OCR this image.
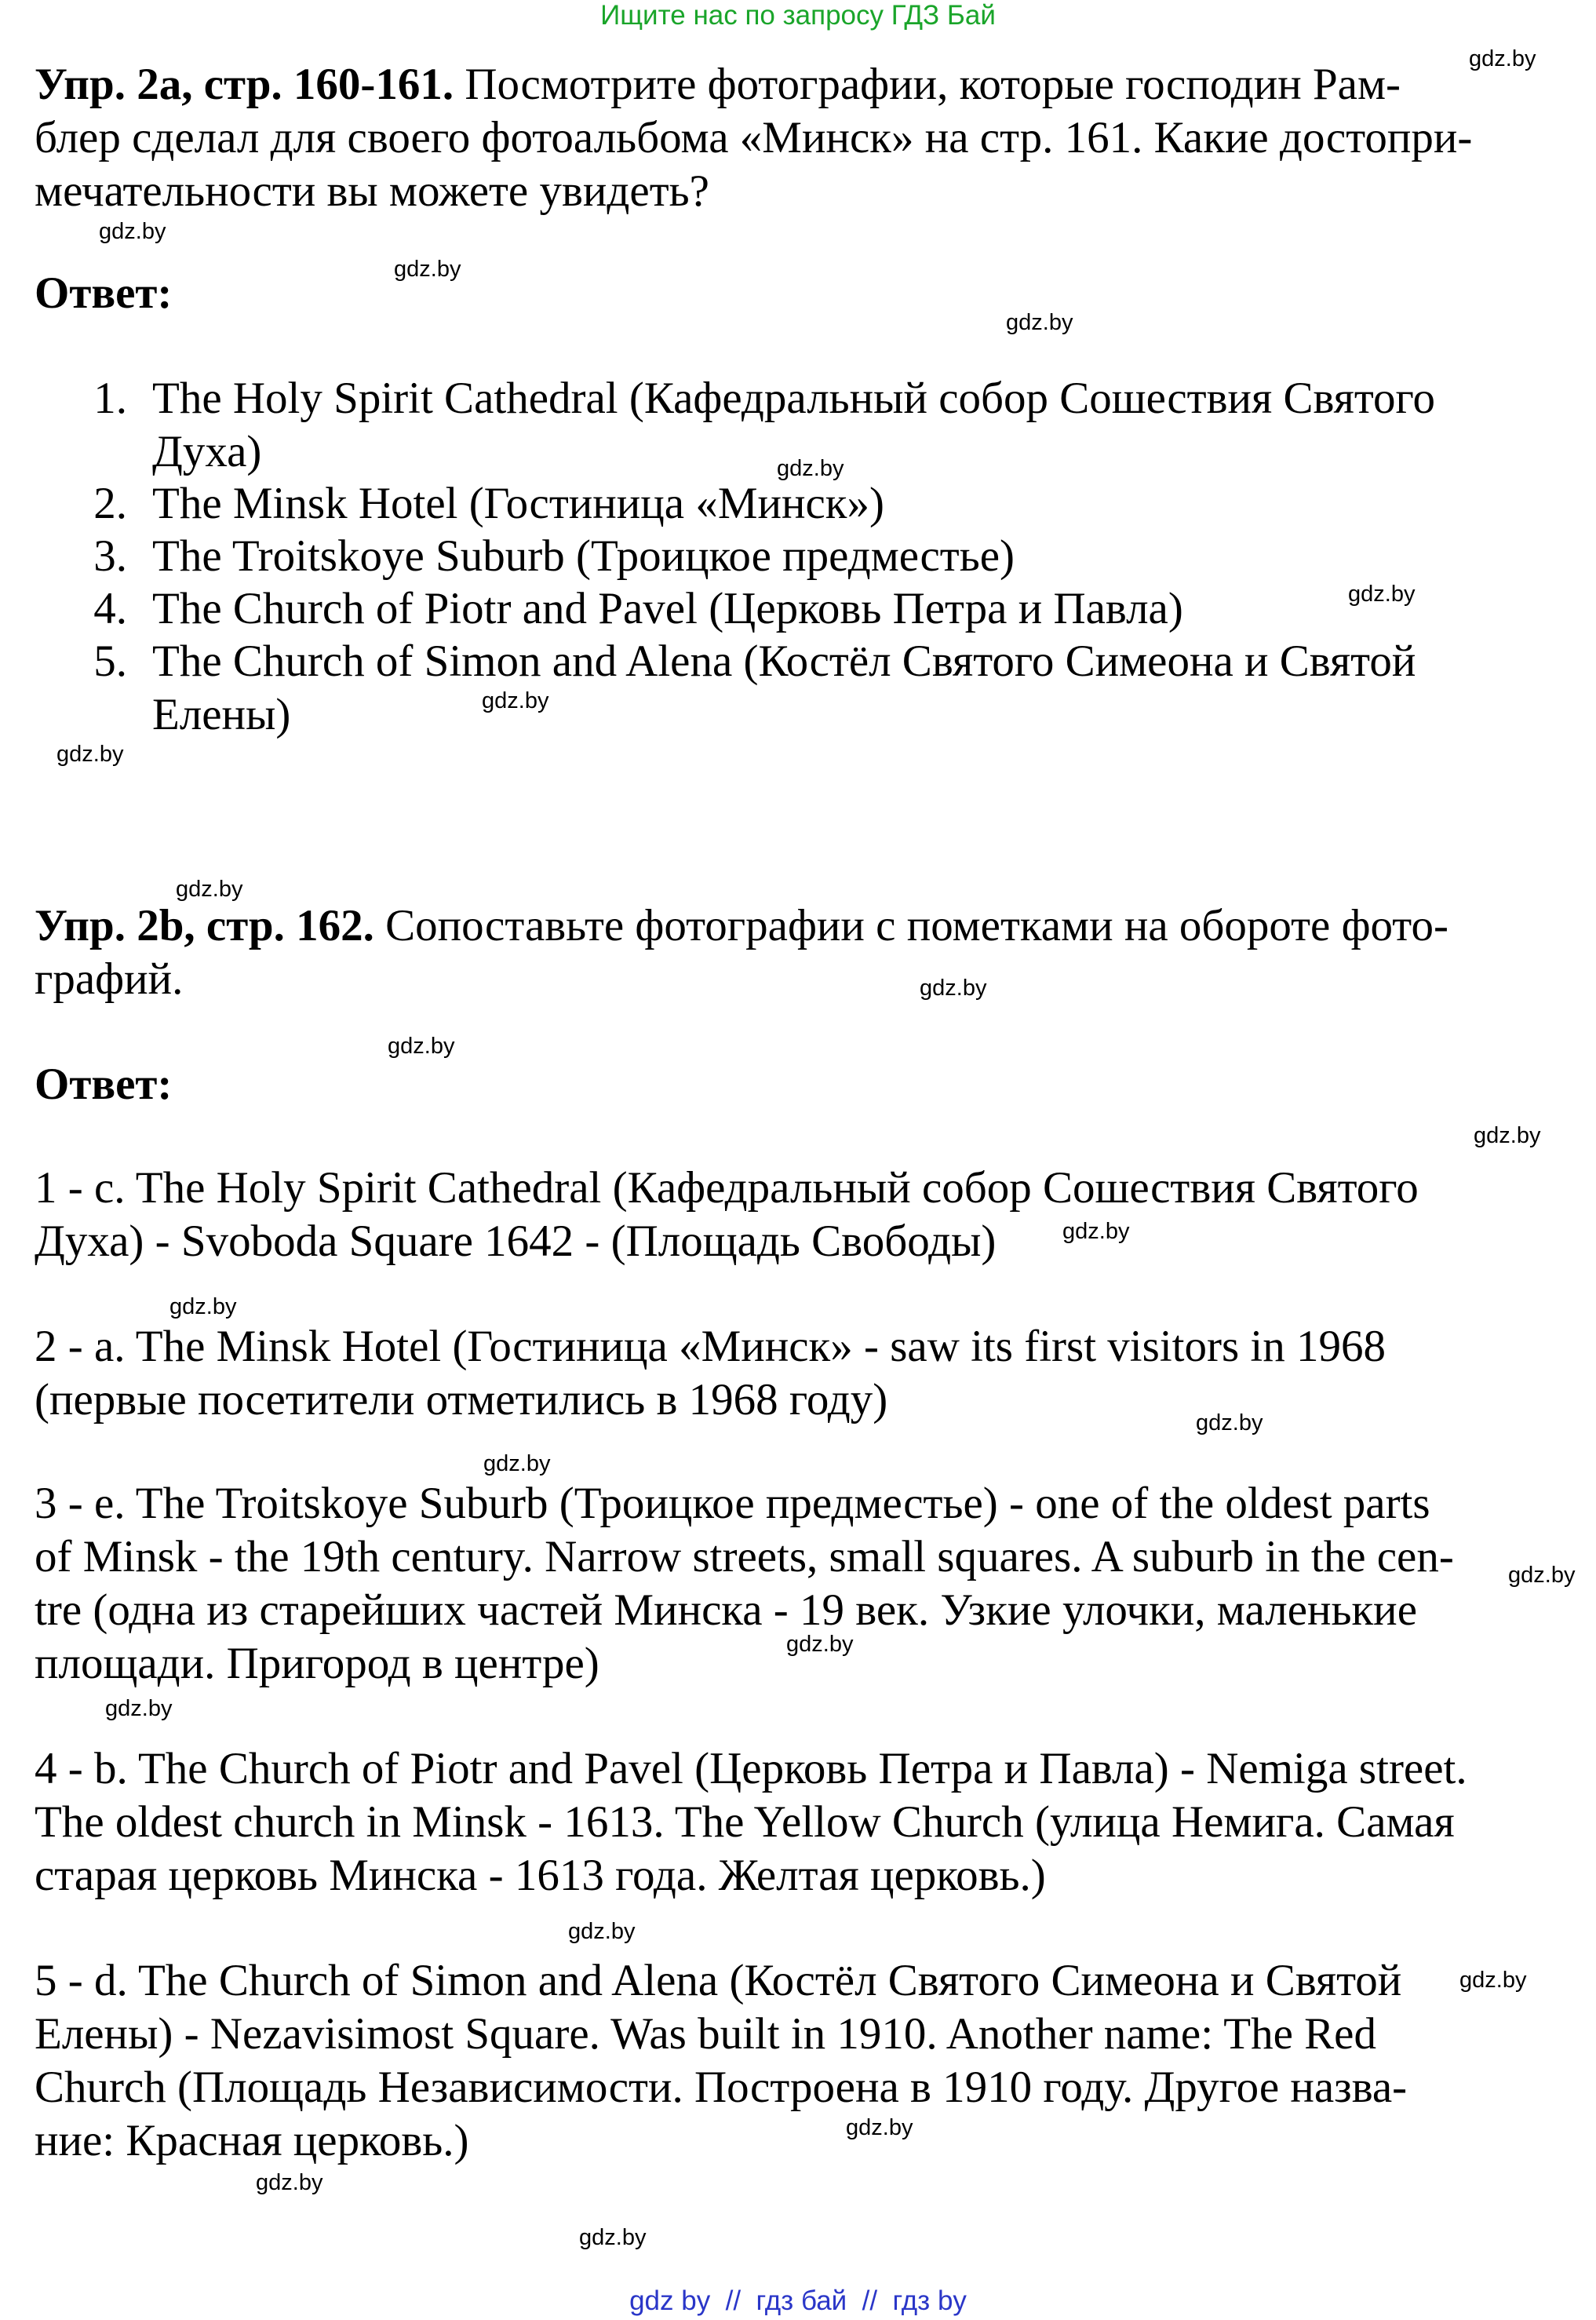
Ищите нас по запросу ГДЗ Бай
Упр. 2а, стр. 160-161. Посмотрите фотографии, которые господин Рам-
блер сделал для своего фотоальбома «Минск» на стр. 161. Какие достопри-
мечательности вы можете увидеть?
Ответ:
1. The Holy Spirit Cathedral (Кафедральный собор Сошествия Святого
Духа)
2. The Minsk Hotel (Гостиница «Минск»)
3. The Troitskoye Suburb (Троицкое предместье)
4. The Church of Piotr and Pavel (Церковь Петра и Павла)
5. The Church of Simon and Alena (Костёл Святого Симеона и Святой
Елены)
Упр. 2b, стр. 162. Сопоставьте фотографии с пометками на обороте фото-
графий.
Ответ:
1 - c. The Holy Spirit Cathedral (Кафедральный собор Сошествия Святого
Духа) - Svoboda Square 1642 - (Площадь Свободы)
2 - a. The Minsk Hotel (Гостиница «Минск» - saw its first visitors in 1968
(первые посетители отметились в 1968 году)
3 - e. The Troitskoye Suburb (Троицкое предместье) - one of the oldest parts
of Minsk - the 19th century. Narrow streets, small squares. A suburb in the cen-
tre (одна из старейших частей Минска - 19 век. Узкие улочки, маленькие
площади. Пригород в центре)
4 - b. The Church of Piotr and Pavel (Церковь Петра и Павла) - Nemiga street.
The oldest church in Minsk - 1613. The Yellow Church (улица Немига. Самая
старая церковь Минска - 1613 года. Желтая церковь.)
5 - d. The Church of Simon and Alena (Костёл Святого Симеона и Святой
Елены) - Nezavisimost Square. Was built in 1910. Another name: The Red
Church (Площадь Независимости. Построена в 1910 году. Другое назва-
ние: Красная церковь.)
gdz.by
gdz.by
gdz.by
gdz.by
gdz.by
gdz.by
gdz.by
gdz.by
gdz.by
gdz.by
gdz.by
gdz.by
gdz.by
gdz.by
gdz.by
gdz.by
gdz.by
gdz.by
gdz.by
gdz.by
gdz.by
gdz.by
gdz.by
gdz.by
gdz by  //  гдз бай  //  гдз by
